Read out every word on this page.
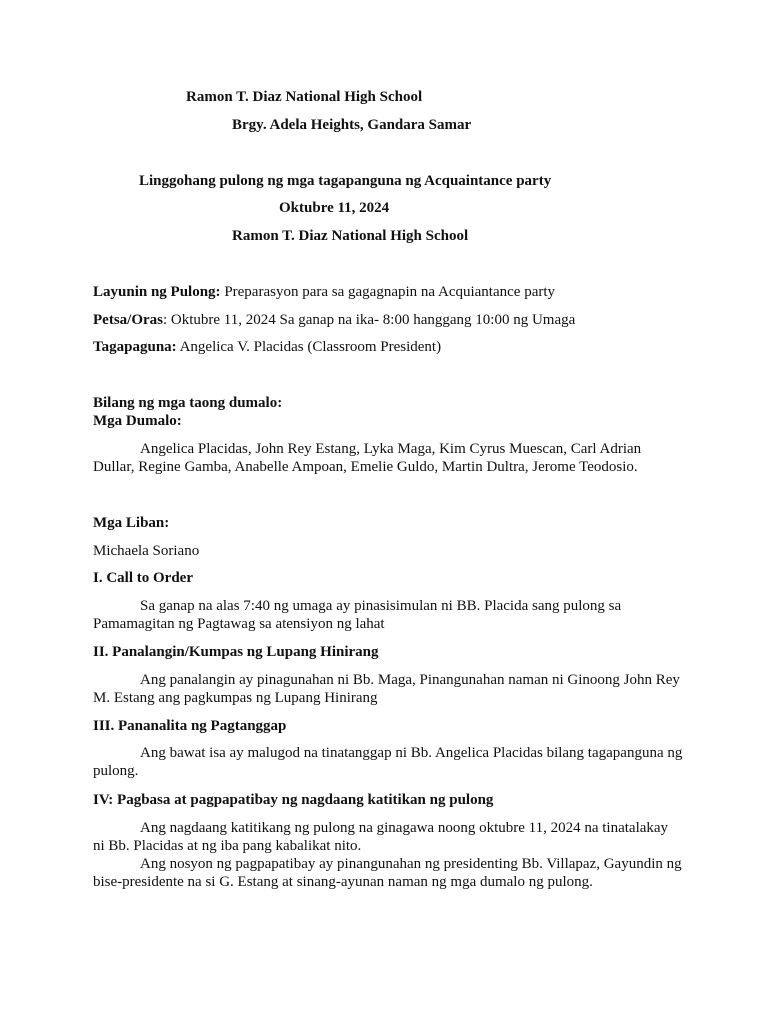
Ramon T. Diaz National High School
Brgy. Adela Heights, Gandara Samar
Linggohang pulong ng mga tagapanguna ng Acquaintance party
Oktubre 11, 2024
Ramon T. Diaz National High School
Layunin ng Pulong: Preparasyon para sa gagagnapin na Acquiantance party
Petsa/Oras: Oktubre 11, 2024 Sa ganap na ika- 8:00 hanggang 10:00 ng Umaga
Tagapaguna: Angelica V. Placidas (Classroom President)
Bilang ng mga taong dumalo:
Mga Dumalo:
Angelica Placidas, John Rey Estang, Lyka Maga, Kim Cyrus Muescan, Carl Adrian Dullar, Regine Gamba, Anabelle Ampoan, Emelie Guldo, Martin Dultra, Jerome Teodosio.
Mga Liban:
Michaela Soriano
I. Call to Order
Sa ganap na alas 7:40 ng umaga ay pinasisimulan ni BB. Placida sang pulong sa Pamamagitan ng Pagtawag sa atensiyon ng lahat
II. Panalangin/Kumpas ng Lupang Hinirang
Ang panalangin ay pinagunahan ni Bb. Maga, Pinangunahan naman ni Ginoong John Rey M. Estang ang pagkumpas ng Lupang Hinirang
III. Pananalita ng Pagtanggap
Ang bawat isa ay malugod na tinatanggap ni Bb. Angelica Placidas bilang tagapanguna ng pulong.
IV: Pagbasa at pagpapatibay ng nagdaang katitikan ng pulong
Ang nagdaang katitikang ng pulong na ginagawa noong oktubre 11, 2024 na tinatalakay ni Bb. Placidas at ng iba pang kabalikat nito.
Ang nosyon ng pagpapatibay ay pinangunahan ng presidenting Bb. Villapaz, Gayundin ng bise-presidente na si G. Estang at sinang-ayunan naman ng mga dumalo ng pulong.
